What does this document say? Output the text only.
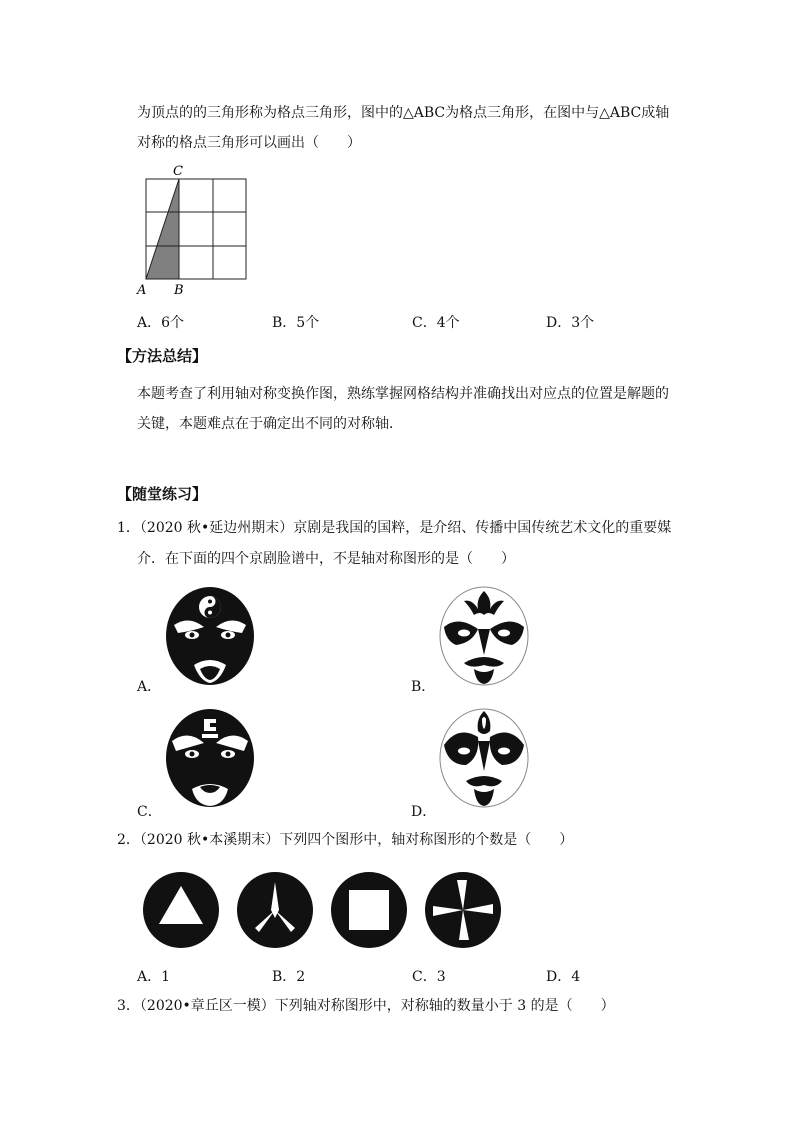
为顶点的的三角形称为格点三角形，图中的△ABC为格点三角形，在图中与△ABC成轴
对称的格点三角形可以画出（　　）
C
A B
A．6个	B．5个	C．4个	D．3个
【方法总结】
本题考查了利用轴对称变换作图，熟练掌握网格结构并准确找出对应点的位置是解题的
关键，本题难点在于确定出不同的对称轴．
【随堂练习】
1．（2020 秋•延边州期末）京剧是我国的国粹，是介绍、传播中国传统艺术文化的重要媒
介．在下面的四个京剧脸谱中，不是轴对称图形的是（　　）
A．	B．
C．	D．
2．（2020 秋•本溪期末）下列四个图形中，轴对称图形的个数是（　　）
A．1	B．2	C．3	D．4
3．（2020•章丘区一模）下列轴对称图形中，对称轴的数量小于 3 的是（　　）
